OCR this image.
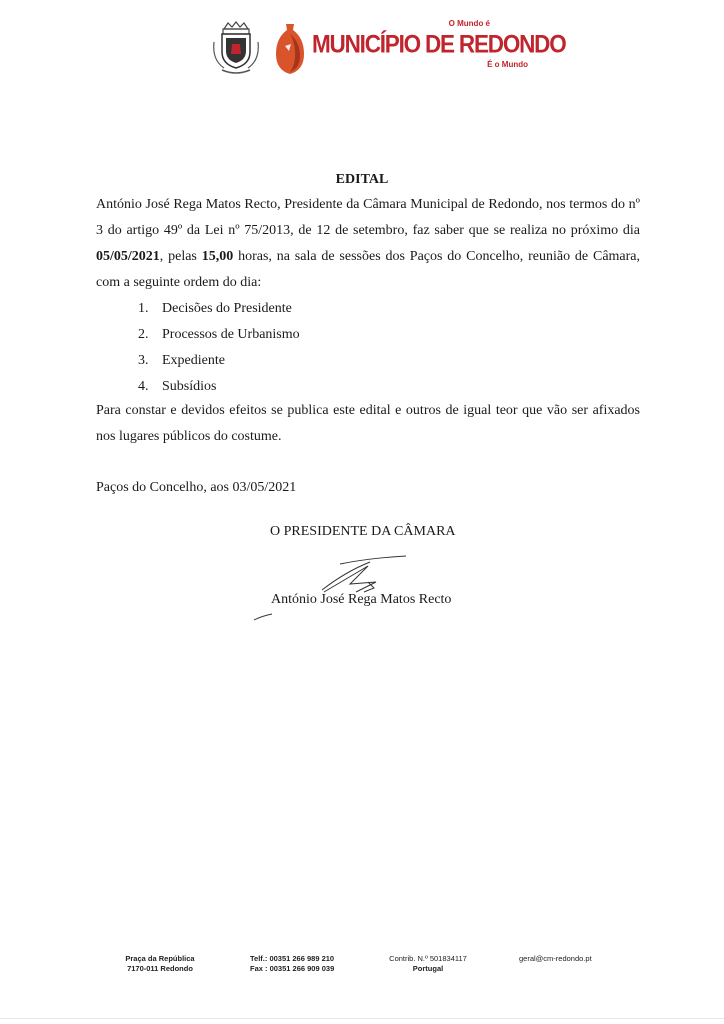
O Mundo é
MUNICÍPIO DE REDONDO
É o Mundo
EDITAL

António José Rega Matos Recto, Presidente da Câmara Municipal de Redondo, nos termos do nº 3 do artigo 49º da Lei nº 75/2013, de 12 de setembro, faz saber que se realiza no próximo dia 05/05/2021, pelas 15,00 horas, na sala de sessões dos Paços do Concelho, reunião de Câmara, com a seguinte ordem do dia:

1. Decisões do Presidente
2. Processos de Urbanismo
3. Expediente
4. Subsídios

Para constar e devidos efeitos se publica este edital e outros de igual teor que vão ser afixados nos lugares públicos do costume.

Paços do Concelho, aos 03/05/2021
O PRESIDENTE DA CÂMARA
António José Rega Matos Recto
Praça da República
7170-011 Redondo
Telf.: 00351 266 989 210
Fax : 00351 266 909 039
Contrib. N.º 501834117
Portugal
geral@cm-redondo.pt
